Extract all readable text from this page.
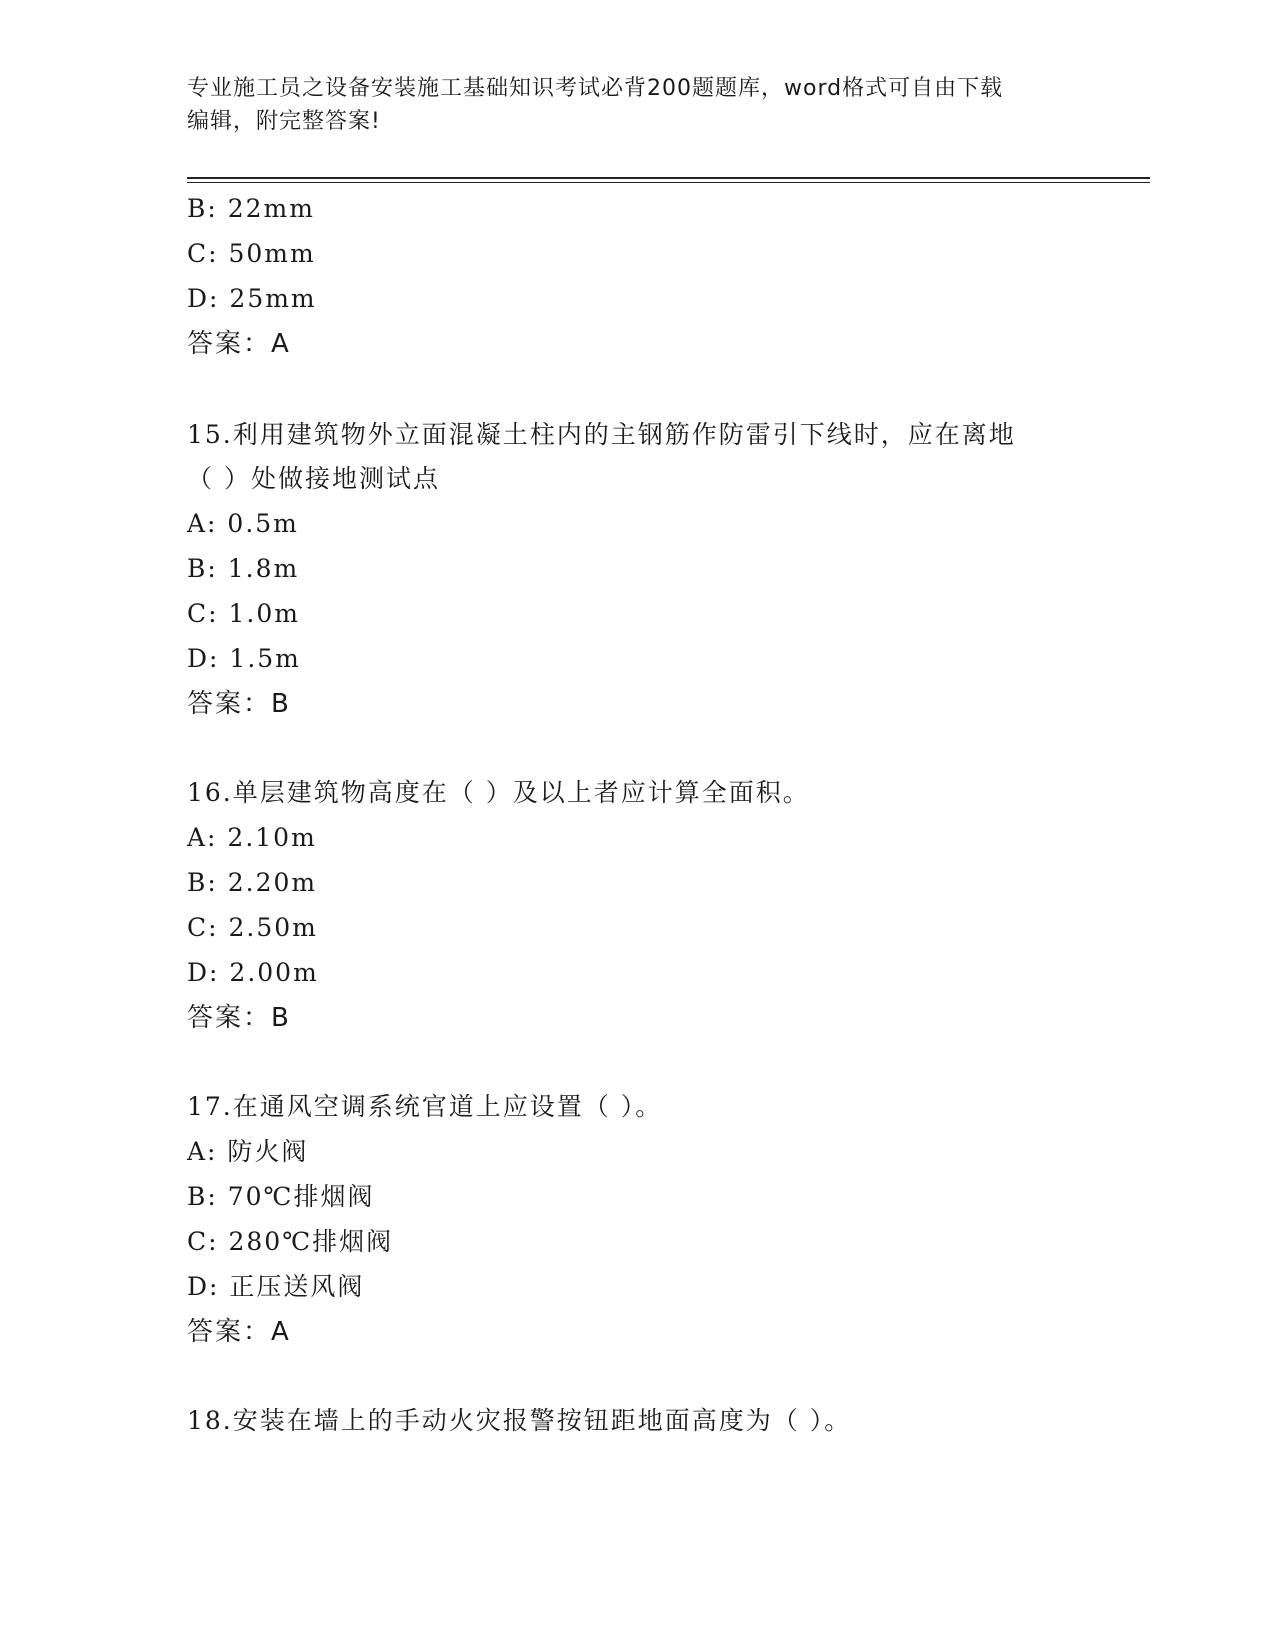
专业施工员之设备安装施工基础知识考试必背200题题库，word格式可自由下载
编辑，附完整答案!
B: 22mm
C: 50mm
D: 25mm
答案：A
15.利用建筑物外立面混凝土柱内的主钢筋作防雷引下线时，应在离地
（ ）处做接地测试点
A: 0.5m
B: 1.8m
C: 1.0m
D: 1.5m
答案：B
16.单层建筑物高度在（ ）及以上者应计算全面积。
A: 2.10m
B: 2.20m
C: 2.50m
D: 2.00m
答案：B
17.在通风空调系统官道上应设置（ ）。
A: 防火阀
B: 70℃排烟阀
C: 280℃排烟阀
D: 正压送风阀
答案：A
18.安装在墙上的手动火灾报警按钮距地面高度为（ ）。
